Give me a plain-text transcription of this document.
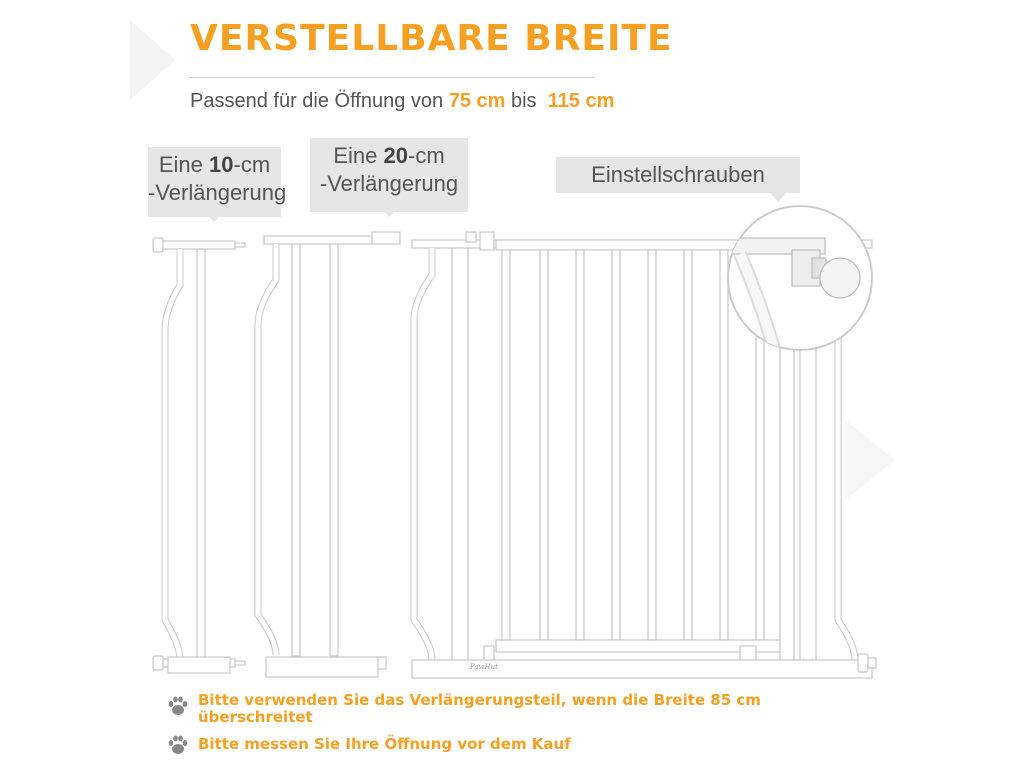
VERSTELLBARE BREITE
Passend für die Öffnung von 75 cm bis 115 cm
Eine 10-cm
-Verlängerung
Eine 20-cm
-Verlängerung	Einstellschrauben
PawHut
Bitte verwenden Sie das Verlängerungsteil, wenn die Breite 85 cm überschreitet
Bitte messen Sie Ihre Öffnung vor dem Kauf
